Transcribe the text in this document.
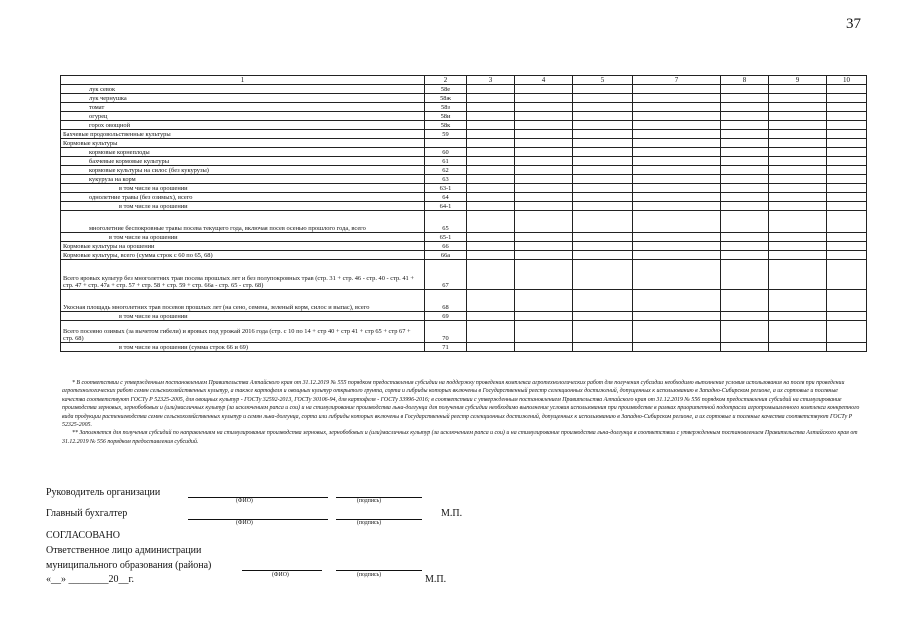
37
1	2	3	4	5	7	8	9	10
лук севок	58е							
лук чернушка	58ж							
томат	58з							
огурец	58и							
горох овощной	58к							
Бахчевые продовольственные культуры	59							
Кормовые культуры								
кормовые корнеплоды	60							
бахчевые кормовые культуры	61							
кормовые культуры на силос (без кукурузы)	62							
кукуруза на корм	63							
в том числе на орошении	63-1							
однолетние травы (без озимых), всего	64							
в том числе на орошении	64-1							
многолетние беспокровные травы посева текущего года, включая посев осенью прошлого года, всего	65							
в том числе на орошении	65-1							
Кормовые культуры на орошении	66							
Кормовые культуры, всего (сумма строк с 60 по 65, 68)	66а							
Всего яровых культур без многолетних трав посева прошлых лет и без полупокровных трав (стр. 31 + стр. 46 - стр. 40 - стр. 41 + стр. 47 + стр. 47а + стр. 57 + стр. 58 + стр. 59 + стр. 66а - стр. 65 - стр. 68)	67							
Укосная площадь многолетних трав посевов прошлых лет (на сено, семена, зеленый корм, силос и выпас), всего	68							
в том числе на орошении	69							
Всего посеяно озимых (за вычетом гибели) и яровых под урожай 2016 года (стр. с 10 по 14 + стр 40 + стр 41 + стр 65 + стр 67 + стр. 68)	70							
в том числе на орошении (сумма строк 66 и 69)	71							

* В соответствии с утвержденным постановлением Правительства Алтайского края от 31.12.2019 № 555 порядком предоставления субсидии на поддержку проведения комплекса агротехнологических работ для получения субсидии необходимо выполнение условия использования на посев при проведении агротехнологических работ семян сельскохозяйственных культур, а также картофеля и овощных культур открытого грунта, сорта и гибриды которых включены в Государственный реестр селекционных достижений, допущенных к использованию в Западно-Сибирском регионе, а их сортовые и посевные качества соответствуют ГОСТу Р 52325-2005, для овощных культур - ГОСТу 32592-2013, ГОСТу 30106-94, для картофеля - ГОСТу 33996-2016; в соответствии с утвержденным постановлением Правительства Алтайского края от 31.12.2019 № 556 порядком предоставления субсидий на стимулирование производства зерновых, зернобобовых и (или)масличных культур (за исключением рапса и сои) и на стимулирование производства льна-долгунца для получения субсидии необходимо выполнение условия использования при производстве в рамках приоритетной подотрасли агропромышленного комплекса конкретного вида продукции растениеводства семян сельскохозяйственных культур и семян льна-долгунца, сорта или гибриды которых включены в Государственный реестр селекционных достижений, допущенных к использованию в Западно-Сибирском регионе, а их сортовые и посевные качества соответствуют ГОСТу Р 52325-2005.

** Заполняется для получения субсидий по направлениям на стимулирование производства зерновых, зернобобовых и (или)масличных культур (за исключением рапса и сои) и на стимулирование производства льна-долгунца в соответствии с утвержденным постановлением Правительства Алтайского края от 31.12.2019 № 556 порядком предоставления субсидий.

Руководитель организации
(ФИО)	(подпись)
Главный бухгалтер
(ФИО)	(подпись)
М.П.
СОГЛАСОВАНО
Ответственное лицо администрации
муниципального образования (района)
«__» ________20__г.	(ФИО)	(подпись)	М.П.
